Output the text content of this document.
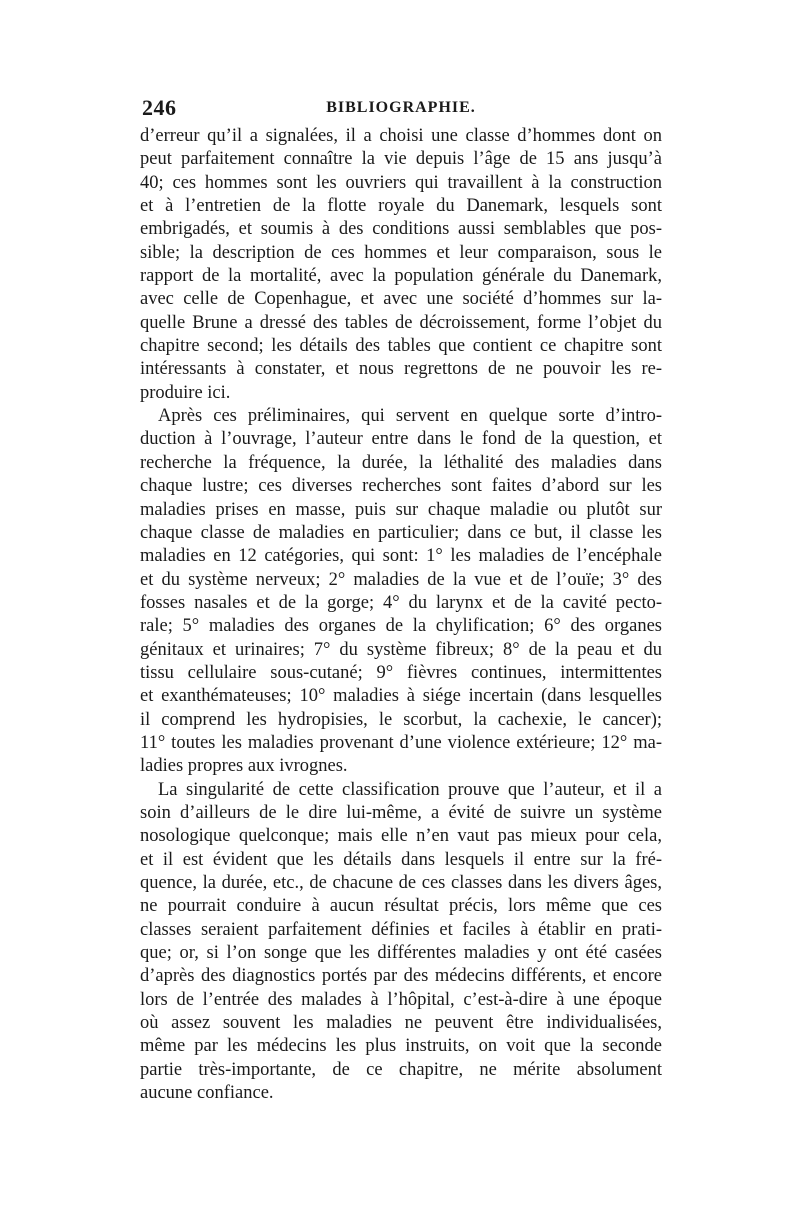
246	BIBLIOGRAPHIE.
d’erreur qu’il a signalées, il a choisi une classe d’hommes dont on
peut parfaitement connaître la vie depuis l’âge de 15 ans jusqu’à
40; ces hommes sont les ouvriers qui travaillent à la construction
et à l’entretien de la flotte royale du Danemark, lesquels sont
embrigadés, et soumis à des conditions aussi semblables que pos-
sible; la description de ces hommes et leur comparaison, sous le
rapport de la mortalité, avec la population générale du Danemark,
avec celle de Copenhague, et avec une société d’hommes sur la-
quelle Brune a dressé des tables de décroissement, forme l’objet du
chapitre second; les détails des tables que contient ce chapitre sont
intéressants à constater, et nous regrettons de ne pouvoir les re-
produire ici.
Après ces préliminaires, qui servent en quelque sorte d’intro-
duction à l’ouvrage, l’auteur entre dans le fond de la question, et
recherche la fréquence, la durée, la léthalité des maladies dans
chaque lustre; ces diverses recherches sont faites d’abord sur les
maladies prises en masse, puis sur chaque maladie ou plutôt sur
chaque classe de maladies en particulier; dans ce but, il classe les
maladies en 12 catégories, qui sont: 1° les maladies de l’encéphale
et du système nerveux; 2° maladies de la vue et de l’ouïe; 3° des
fosses nasales et de la gorge; 4° du larynx et de la cavité pecto-
rale; 5° maladies des organes de la chylification; 6° des organes
génitaux et urinaires; 7° du système fibreux; 8° de la peau et du
tissu cellulaire sous-cutané; 9° fièvres continues, intermittentes
et exanthémateuses; 10° maladies à siége incertain (dans lesquelles
il comprend les hydropisies, le scorbut, la cachexie, le cancer);
11° toutes les maladies provenant d’une violence extérieure; 12° ma-
ladies propres aux ivrognes.
La singularité de cette classification prouve que l’auteur, et il a
soin d’ailleurs de le dire lui-même, a évité de suivre un système
nosologique quelconque; mais elle n’en vaut pas mieux pour cela,
et il est évident que les détails dans lesquels il entre sur la fré-
quence, la durée, etc., de chacune de ces classes dans les divers âges,
ne pourrait conduire à aucun résultat précis, lors même que ces
classes seraient parfaitement définies et faciles à établir en prati-
que; or, si l’on songe que les différentes maladies y ont été casées
d’après des diagnostics portés par des médecins différents, et encore
lors de l’entrée des malades à l’hôpital, c’est-à-dire à une époque
où assez souvent les maladies ne peuvent être individualisées,
même par les médecins les plus instruits, on voit que la seconde
partie très-importante, de ce chapitre, ne mérite absolument
aucune confiance.
